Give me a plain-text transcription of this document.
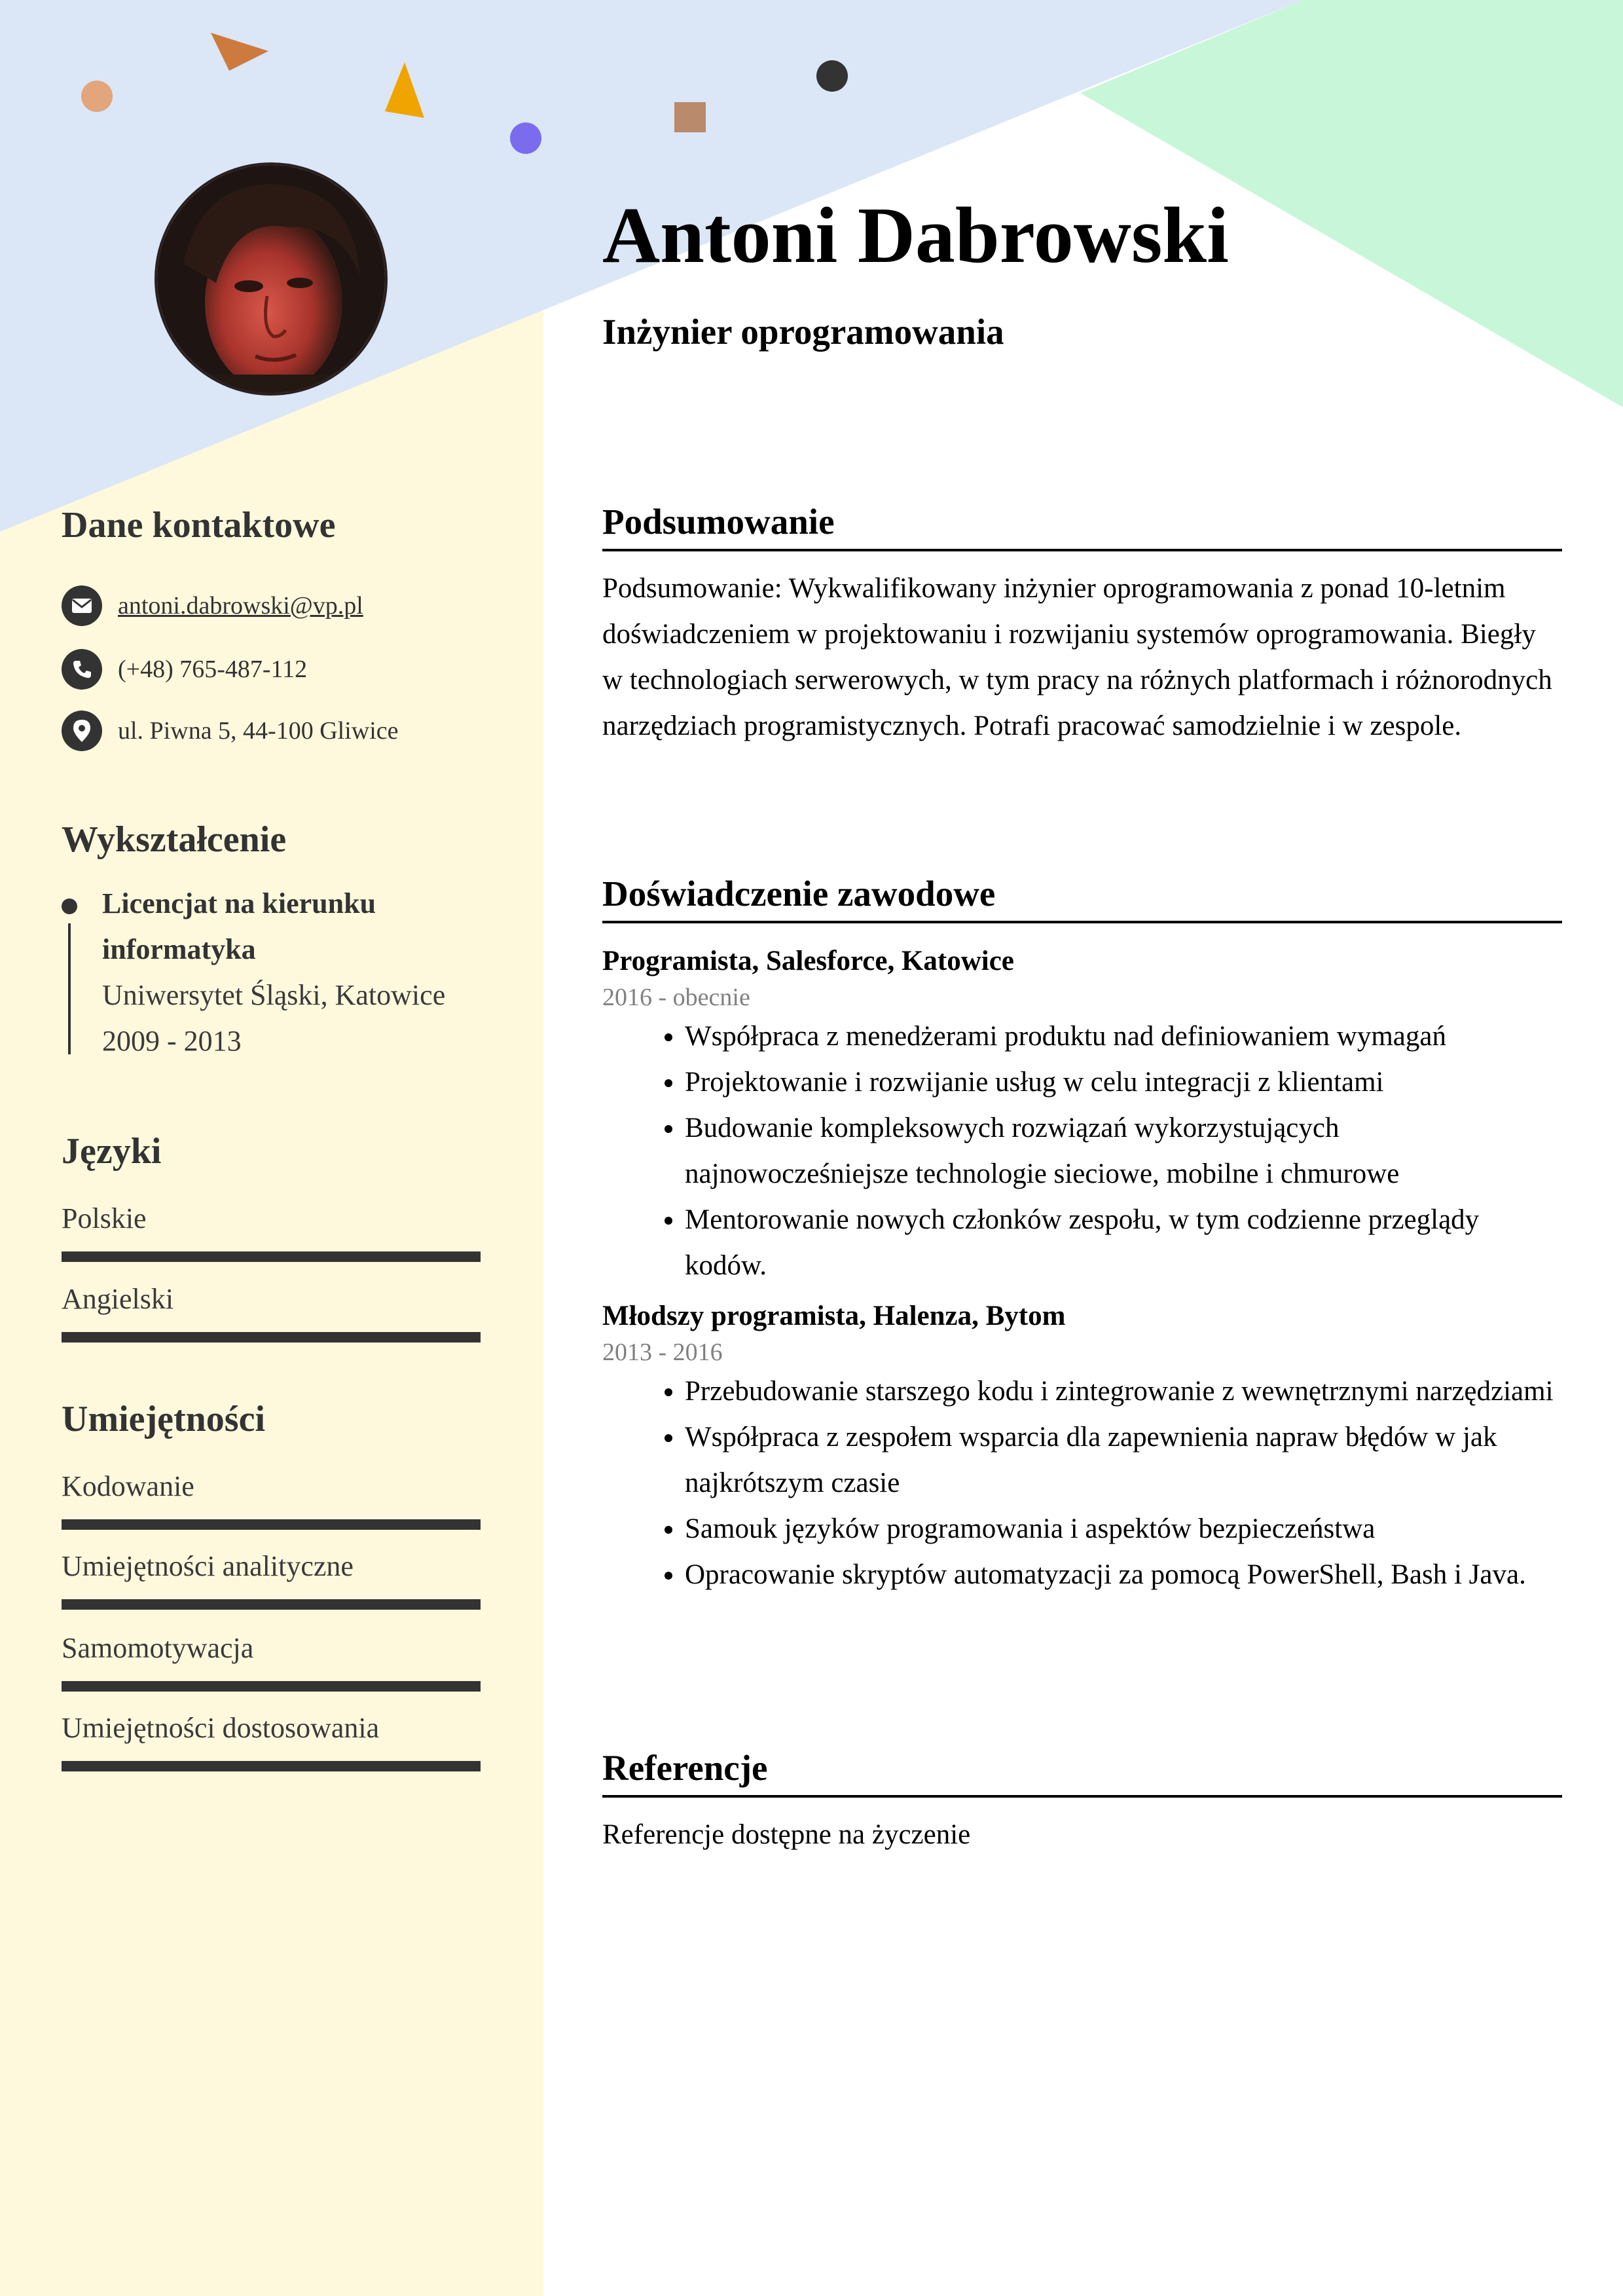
Antoni Dabrowski
Inżynier oprogramowania
Dane kontaktowe
antoni.dabrowski@vp.pl
(+48) 765-487-112
ul. Piwna 5, 44-100 Gliwice
Wykształcenie
Licencjat na kierunku
informatyka
Uniwersytet Śląski, Katowice
2009 - 2013
Języki
Polskie
Angielski
Umiejętności
Kodowanie
Umiejętności analityczne
Samomotywacja
Umiejętności dostosowania
Podsumowanie
Podsumowanie: Wykwalifikowany inżynier oprogramowania z ponad 10-letnim doświadczeniem w projektowaniu i rozwijaniu systemów oprogramowania. Biegły w technologiach serwerowych, w tym pracy na różnych platformach i różnorodnych narzędziach programistycznych. Potrafi pracować samodzielnie i w zespole.
Doświadczenie zawodowe
Programista, Salesforce, Katowice
2016 - obecnie
• Współpraca z menedżerami produktu nad definiowaniem wymagań
• Projektowanie i rozwijanie usług w celu integracji z klientami
• Budowanie kompleksowych rozwiązań wykorzystujących najnowocześniejsze technologie sieciowe, mobilne i chmurowe
• Mentorowanie nowych członków zespołu, w tym codzienne przeglądy kodów.
Młodszy programista, Halenza, Bytom
2013 - 2016
• Przebudowanie starszego kodu i zintegrowanie z wewnętrznymi narzędziami
• Współpraca z zespołem wsparcia dla zapewnienia napraw błędów w jak najkrótszym czasie
• Samouk języków programowania i aspektów bezpieczeństwa
• Opracowanie skryptów automatyzacji za pomocą PowerShell, Bash i Java.
Referencje
Referencje dostępne na życzenie
